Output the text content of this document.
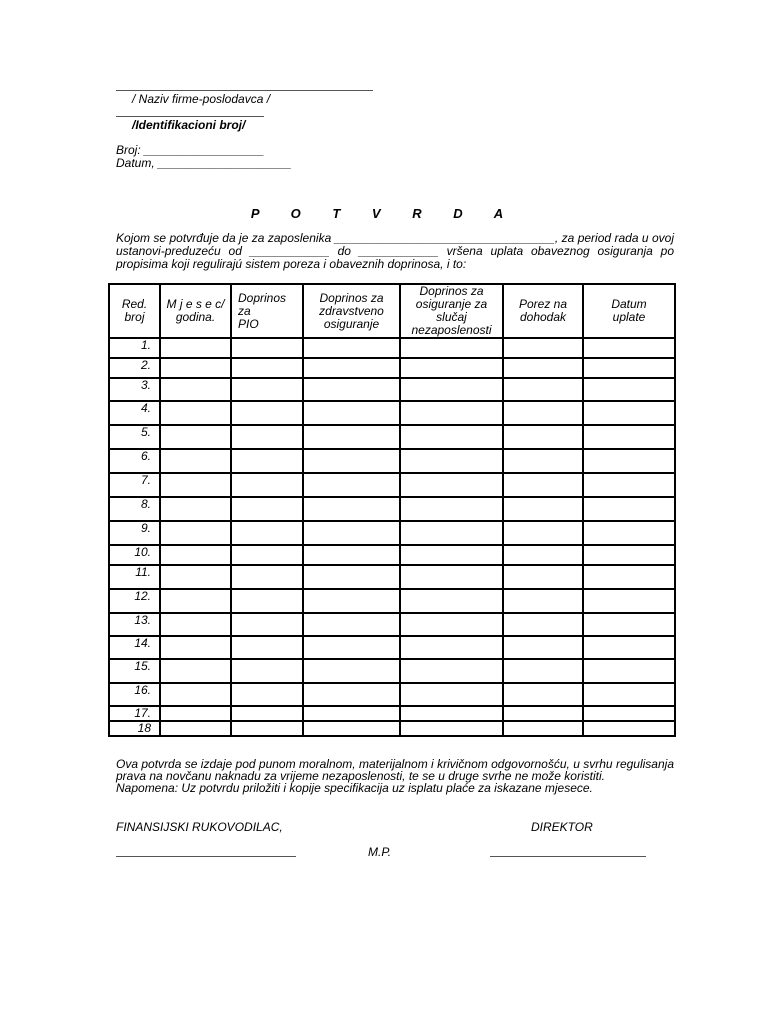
/ Naziv firme-poslodavca /
/Identifikacioni broj/
Broj: __________________
Datum, ____________________
P O T V R D A
Kojom se potvrđuje da je za zaposlenika _________________________________, za period rada u ovoj
ustanovi-preduzeću od ____________ do ____________ vršena uplata obaveznog osiguranja po
propisima koji regulirajú sistem poreza i obaveznih doprinosa, i to:
Red.
broj	M j e s e c/
godina.	Doprinos
za
PIO	Doprinos za
zdravstveno
osiguranje	Doprinos za
osiguranje za
slučaj
nezaposlenosti	Porez na
dohodak	Datum
uplate
1.						
2.						
3.						
4.						
5.						
6.						
7.						
8.						
9.						
10.						
11.						
12.						
13.						
14.						
15.						
16.						
17.						
18						
Ova potvrda se izdaje pod punom moralnom, materijalnom i krivičnom odgovornošću, u svrhu regulisanja
prava na novčanu naknadu za vrijeme nezaposlenosti, te se u druge svrhe ne može koristiti.
Napomena: Uz potvrdu priložiti i kopije specifikacija uz isplatu plaće za iskazane mjesece.
FINANSIJSKI RUKOVODILAC,	DIREKTOR
M.P.
